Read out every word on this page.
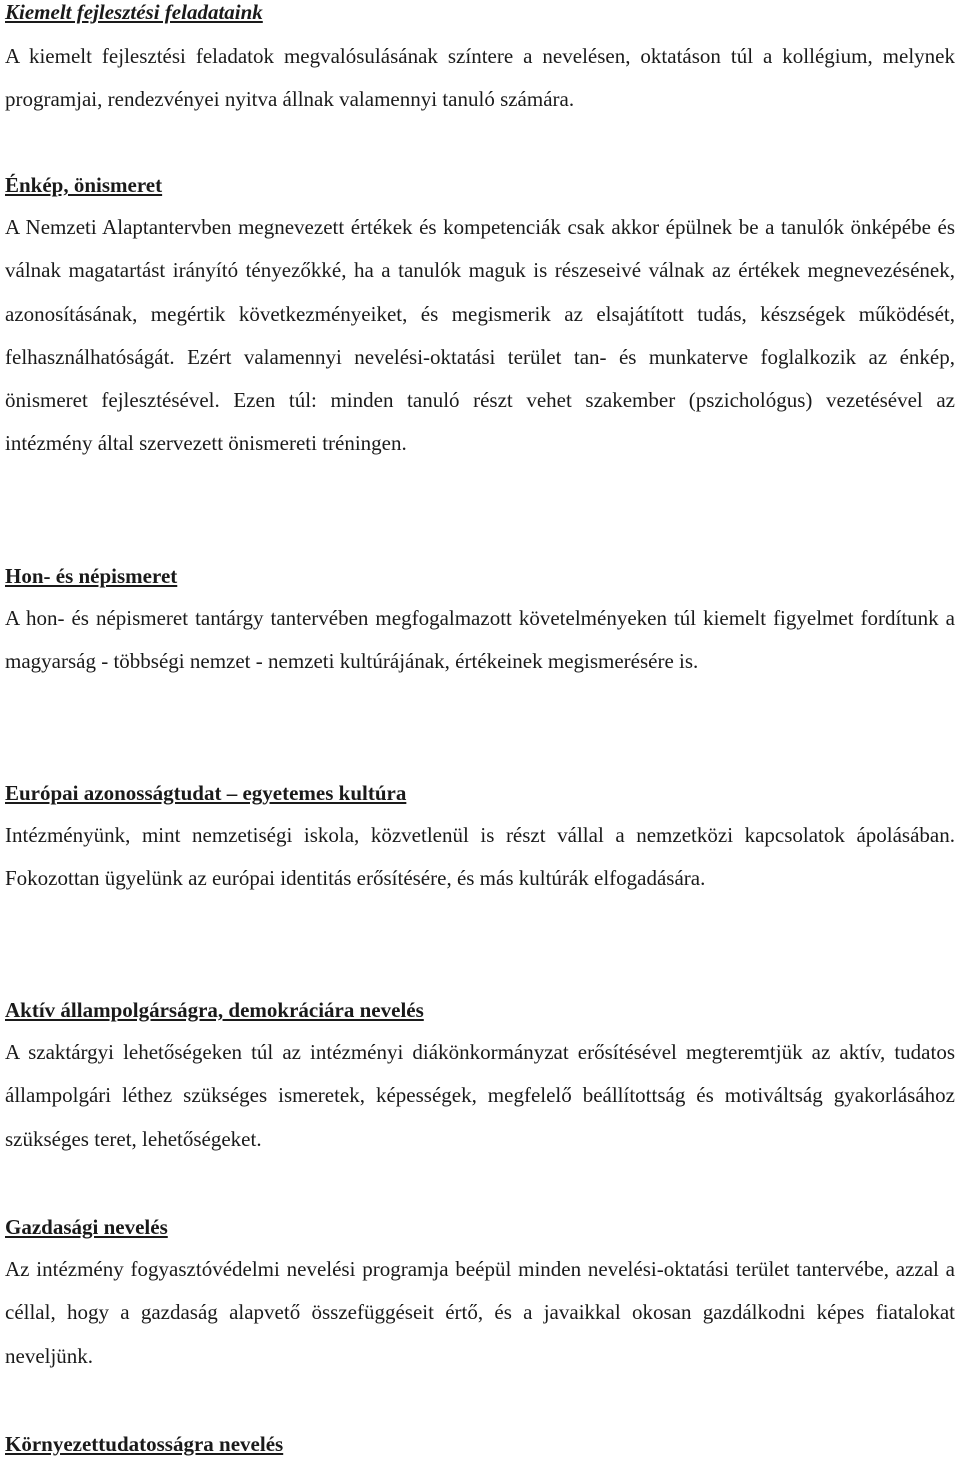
Kiemelt fejlesztési feladataink

A kiemelt fejlesztési feladatok megvalósulásának színtere a nevelésen, oktatáson túl a kollégium, melynek programjai, rendezvényei nyitva állnak valamennyi tanuló számára.

Énkép, önismeret

A Nemzeti Alaptantervben megnevezett értékek és kompetenciák csak akkor épülnek be a tanulók önképébe és válnak magatartást irányító tényezőkké, ha a tanulók maguk is részeseivé válnak az értékek megnevezésének, azonosításának, megértik következményeiket, és megismerik az elsajátított tudás, készségek működését, felhasználhatóságát. Ezért valamennyi nevelési-oktatási terület tan- és munkaterve foglalkozik az énkép, önismeret fejlesztésével. Ezen túl: minden tanuló részt vehet szakember (pszichológus) vezetésével az intézmény által szervezett önismereti tréningen.

Hon- és népismeret

A hon- és népismeret tantárgy tantervében megfogalmazott követelményeken túl kiemelt figyelmet fordítunk a magyarság - többségi nemzet - nemzeti kultúrájának, értékeinek megismerésére is.

Európai azonosságtudat – egyetemes kultúra

Intézményünk, mint nemzetiségi iskola, közvetlenül is részt vállal a nemzetközi kapcsolatok ápolásában. Fokozottan ügyelünk az európai identitás erősítésére, és más kultúrák elfogadására.

Aktív állampolgárságra, demokráciára nevelés

A szaktárgyi lehetőségeken túl az intézményi diákönkormányzat erősítésével megteremtjük az aktív, tudatos állampolgári léthez szükséges ismeretek, képességek, megfelelő beállítottság és motiváltság gyakorlásához szükséges teret, lehetőségeket.

Gazdasági nevelés

Az intézmény fogyasztóvédelmi nevelési programja beépül minden nevelési-oktatási terület tantervébe, azzal a céllal, hogy a gazdaság alapvető összefüggéseit értő, és a javaikkal okosan gazdálkodni képes fiatalokat neveljünk.

Környezettudatosságra nevelés
